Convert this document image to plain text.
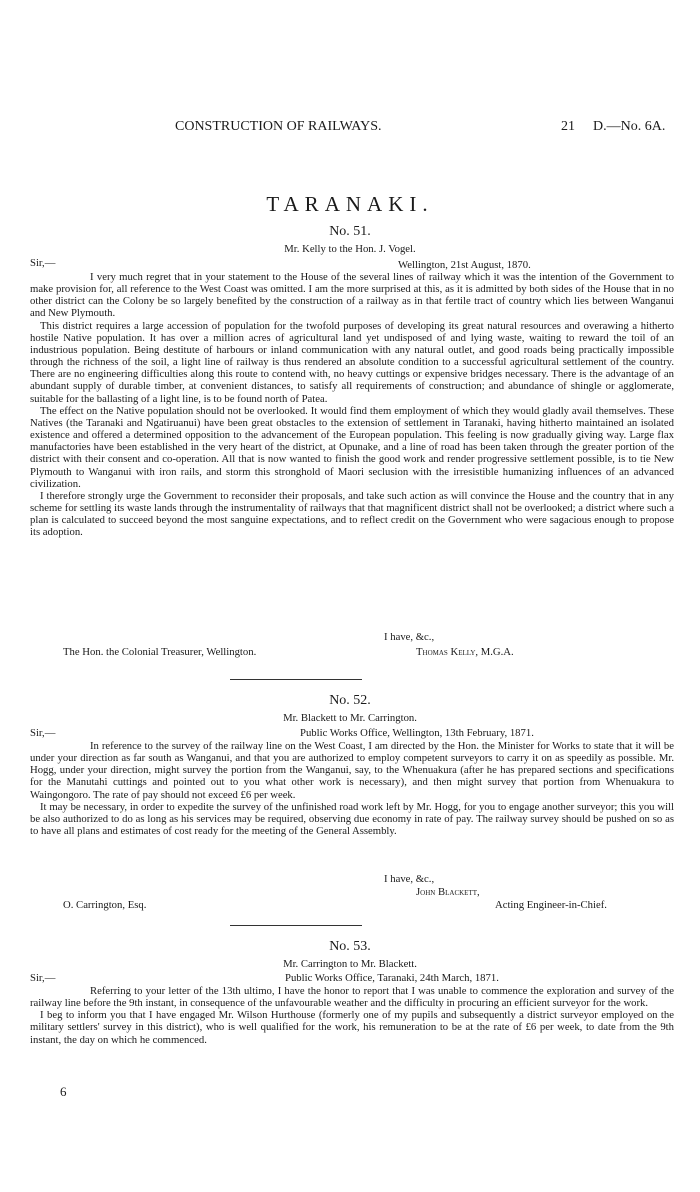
CONSTRUCTION OF RAILWAYS.	21 D.—No. 6A.
TARANAKI.
No. 51.
Mr. Kelly to the Hon. J. Vogel.
Sir,—	Wellington, 21st August, 1870.

I very much regret that in your statement to the House of the several lines of railway which it was the intention of the Government to make provision for, all reference to the West Coast was omitted. I am the more surprised at this, as it is admitted by both sides of the House that in no other district can the Colony be so largely benefited by the construction of a railway as in that fertile tract of country which lies between Wanganui and New Plymouth.

This district requires a large accession of population for the twofold purposes of developing its great natural resources and overawing a hitherto hostile Native population. It has over a million acres of agricultural land yet undisposed of and lying waste, waiting to reward the toil of an industrious population. Being destitute of harbours or inland communication with any natural outlet, and good roads being practically impossible through the richness of the soil, a light line of railway is thus rendered an absolute condition to a successful agricultural settlement of the country. There are no engineering difficulties along this route to contend with, no heavy cuttings or expensive bridges necessary. There is the advantage of an abundant supply of durable timber, at convenient distances, to satisfy all requirements of construction; and abundance of shingle or agglomerate, suitable for the ballasting of a light line, is to be found north of Patea.

The effect on the Native population should not be overlooked. It would find them employment of which they would gladly avail themselves. These Natives (the Taranaki and Ngatiruanui) have been great obstacles to the extension of settlement in Taranaki, having hitherto maintained an isolated existence and offered a determined opposition to the advancement of the European population. This feeling is now gradually giving way. Large flax manufactories have been established in the very heart of the district, at Opunake, and a line of road has been taken through the greater portion of the district with their consent and co-operation. All that is now wanted to finish the good work and render progressive settlement possible, is to tie New Plymouth to Wanganui with iron rails, and storm this stronghold of Maori seclusion with the irresistible humanizing influences of an advanced civilization.

I therefore strongly urge the Government to reconsider their proposals, and take such action as will convince the House and the country that in any scheme for settling its waste lands through the instrumentality of railways that that magnificent district shall not be overlooked; a district where such a plan is calculated to succeed beyond the most sanguine expectations, and to reflect credit on the Government who were sagacious enough to propose its adoption.

I have, &c.,
The Hon. the Colonial Treasurer, Wellington.	Thomas Kelly, M.G.A.
No. 52.
Mr. Blackett to Mr. Carrington.
Sir,—	Public Works Office, Wellington, 13th February, 1871.

In reference to the survey of the railway line on the West Coast, I am directed by the Hon. the Minister for Works to state that it will be under your direction as far south as Wanganui, and that you are authorized to employ competent surveyors to carry it on as speedily as possible. Mr. Hogg, under your direction, might survey the portion from the Wanganui, say, to the Whenuakura (after he has prepared sections and specifications for the Manutahi cuttings and pointed out to you what other work is necessary), and then might survey that portion from Whenuakura to Waingongoro. The rate of pay should not exceed £6 per week.

It may be necessary, in order to expedite the survey of the unfinished road work left by Mr. Hogg, for you to engage another surveyor; this you will be also authorized to do as long as his services may be required, observing due economy in rate of pay. The railway survey should be pushed on so as to have all plans and estimates of cost ready for the meeting of the General Assembly.

I have, &c.,
John Blackett,
O. Carrington, Esq.	Acting Engineer-in-Chief.
No. 53.
Mr. Carrington to Mr. Blackett.
Sir,—	Public Works Office, Taranaki, 24th March, 1871.

Referring to your letter of the 13th ultimo, I have the honor to report that I was unable to commence the exploration and survey of the railway line before the 9th instant, in consequence of the unfavourable weather and the difficulty in procuring an efficient surveyor for the work.

I beg to inform you that I have engaged Mr. Wilson Hurthouse (formerly one of my pupils and subsequently a district surveyor employed on the military settlers' survey in this district), who is well qualified for the work, his remuneration to be at the rate of £6 per week, to date from the 9th instant, the day on which he commenced.

6
